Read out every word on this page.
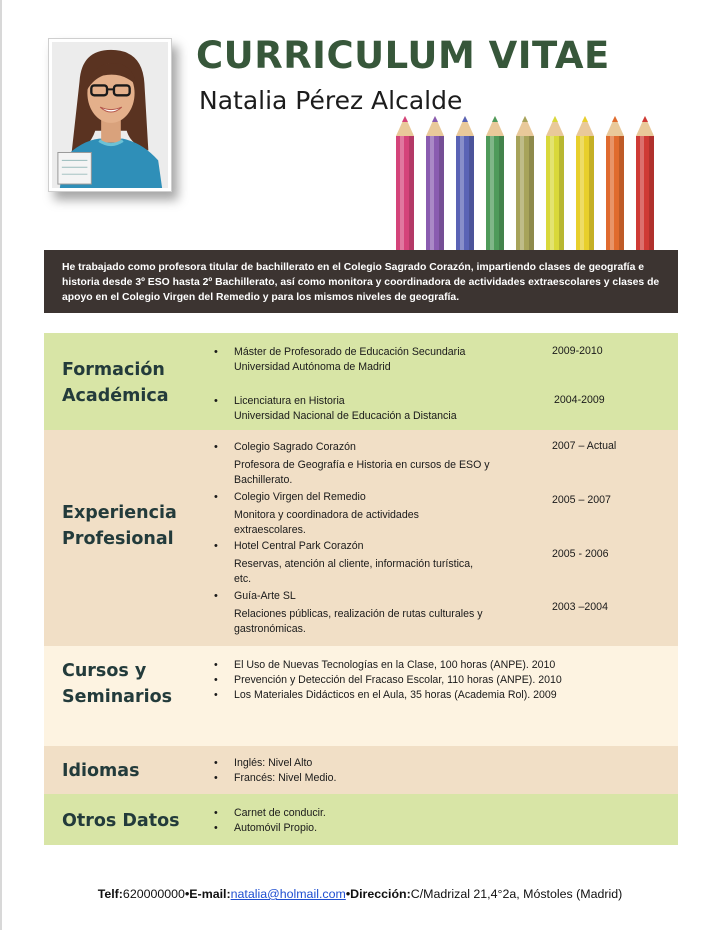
CURRICULUM VITAE
Natalia Pérez Alcalde
He trabajado como profesora titular de bachillerato en el Colegio Sagrado Corazón, impartiendo clases de geografía e historia desde 3º ESO hasta 2º Bachillerato, así como monitora y coordinadora de actividades extraescolares y clases de apoyo en el Colegio Virgen del Remedio y para los mismos niveles de geografía.
Formación
Académica
• Máster de Profesorado de Educación Secundaria
Universidad Autónoma de Madrid
2009-2010
• Licenciatura en Historia
Universidad Nacional de Educación a Distancia
2004-2009
Experiencia
Profesional
• Colegio Sagrado Corazón
Profesora de Geografía e Historia en cursos de ESO y
Bachillerato.
2007 – Actual
• Colegio Virgen del Remedio
Monitora y coordinadora de actividades
extraescolares.
2005 – 2007
• Hotel Central Park Corazón
Reservas, atención al cliente, información turística,
etc.
2005 - 2006
• Guía-Arte SL
Relaciones públicas, realización de rutas culturales y
gastronómicas.
2003 –2004
Cursos y
Seminarios
• El Uso de Nuevas Tecnologías en la Clase, 100 horas (ANPE). 2010
• Prevención y Detección del Fracaso Escolar, 110 horas (ANPE). 2010
• Los Materiales Didácticos en el Aula, 35 horas (Academia Rol). 2009
Idiomas	• Inglés: Nivel Alto
• Francés: Nivel Medio.
Otros Datos	• Carnet de conducir.
• Automóvil Propio.
Telf:620000000•E-mail:natalia@holmail.com•Dirección:C/Madrizal 21,4°2a, Móstoles (Madrid)
